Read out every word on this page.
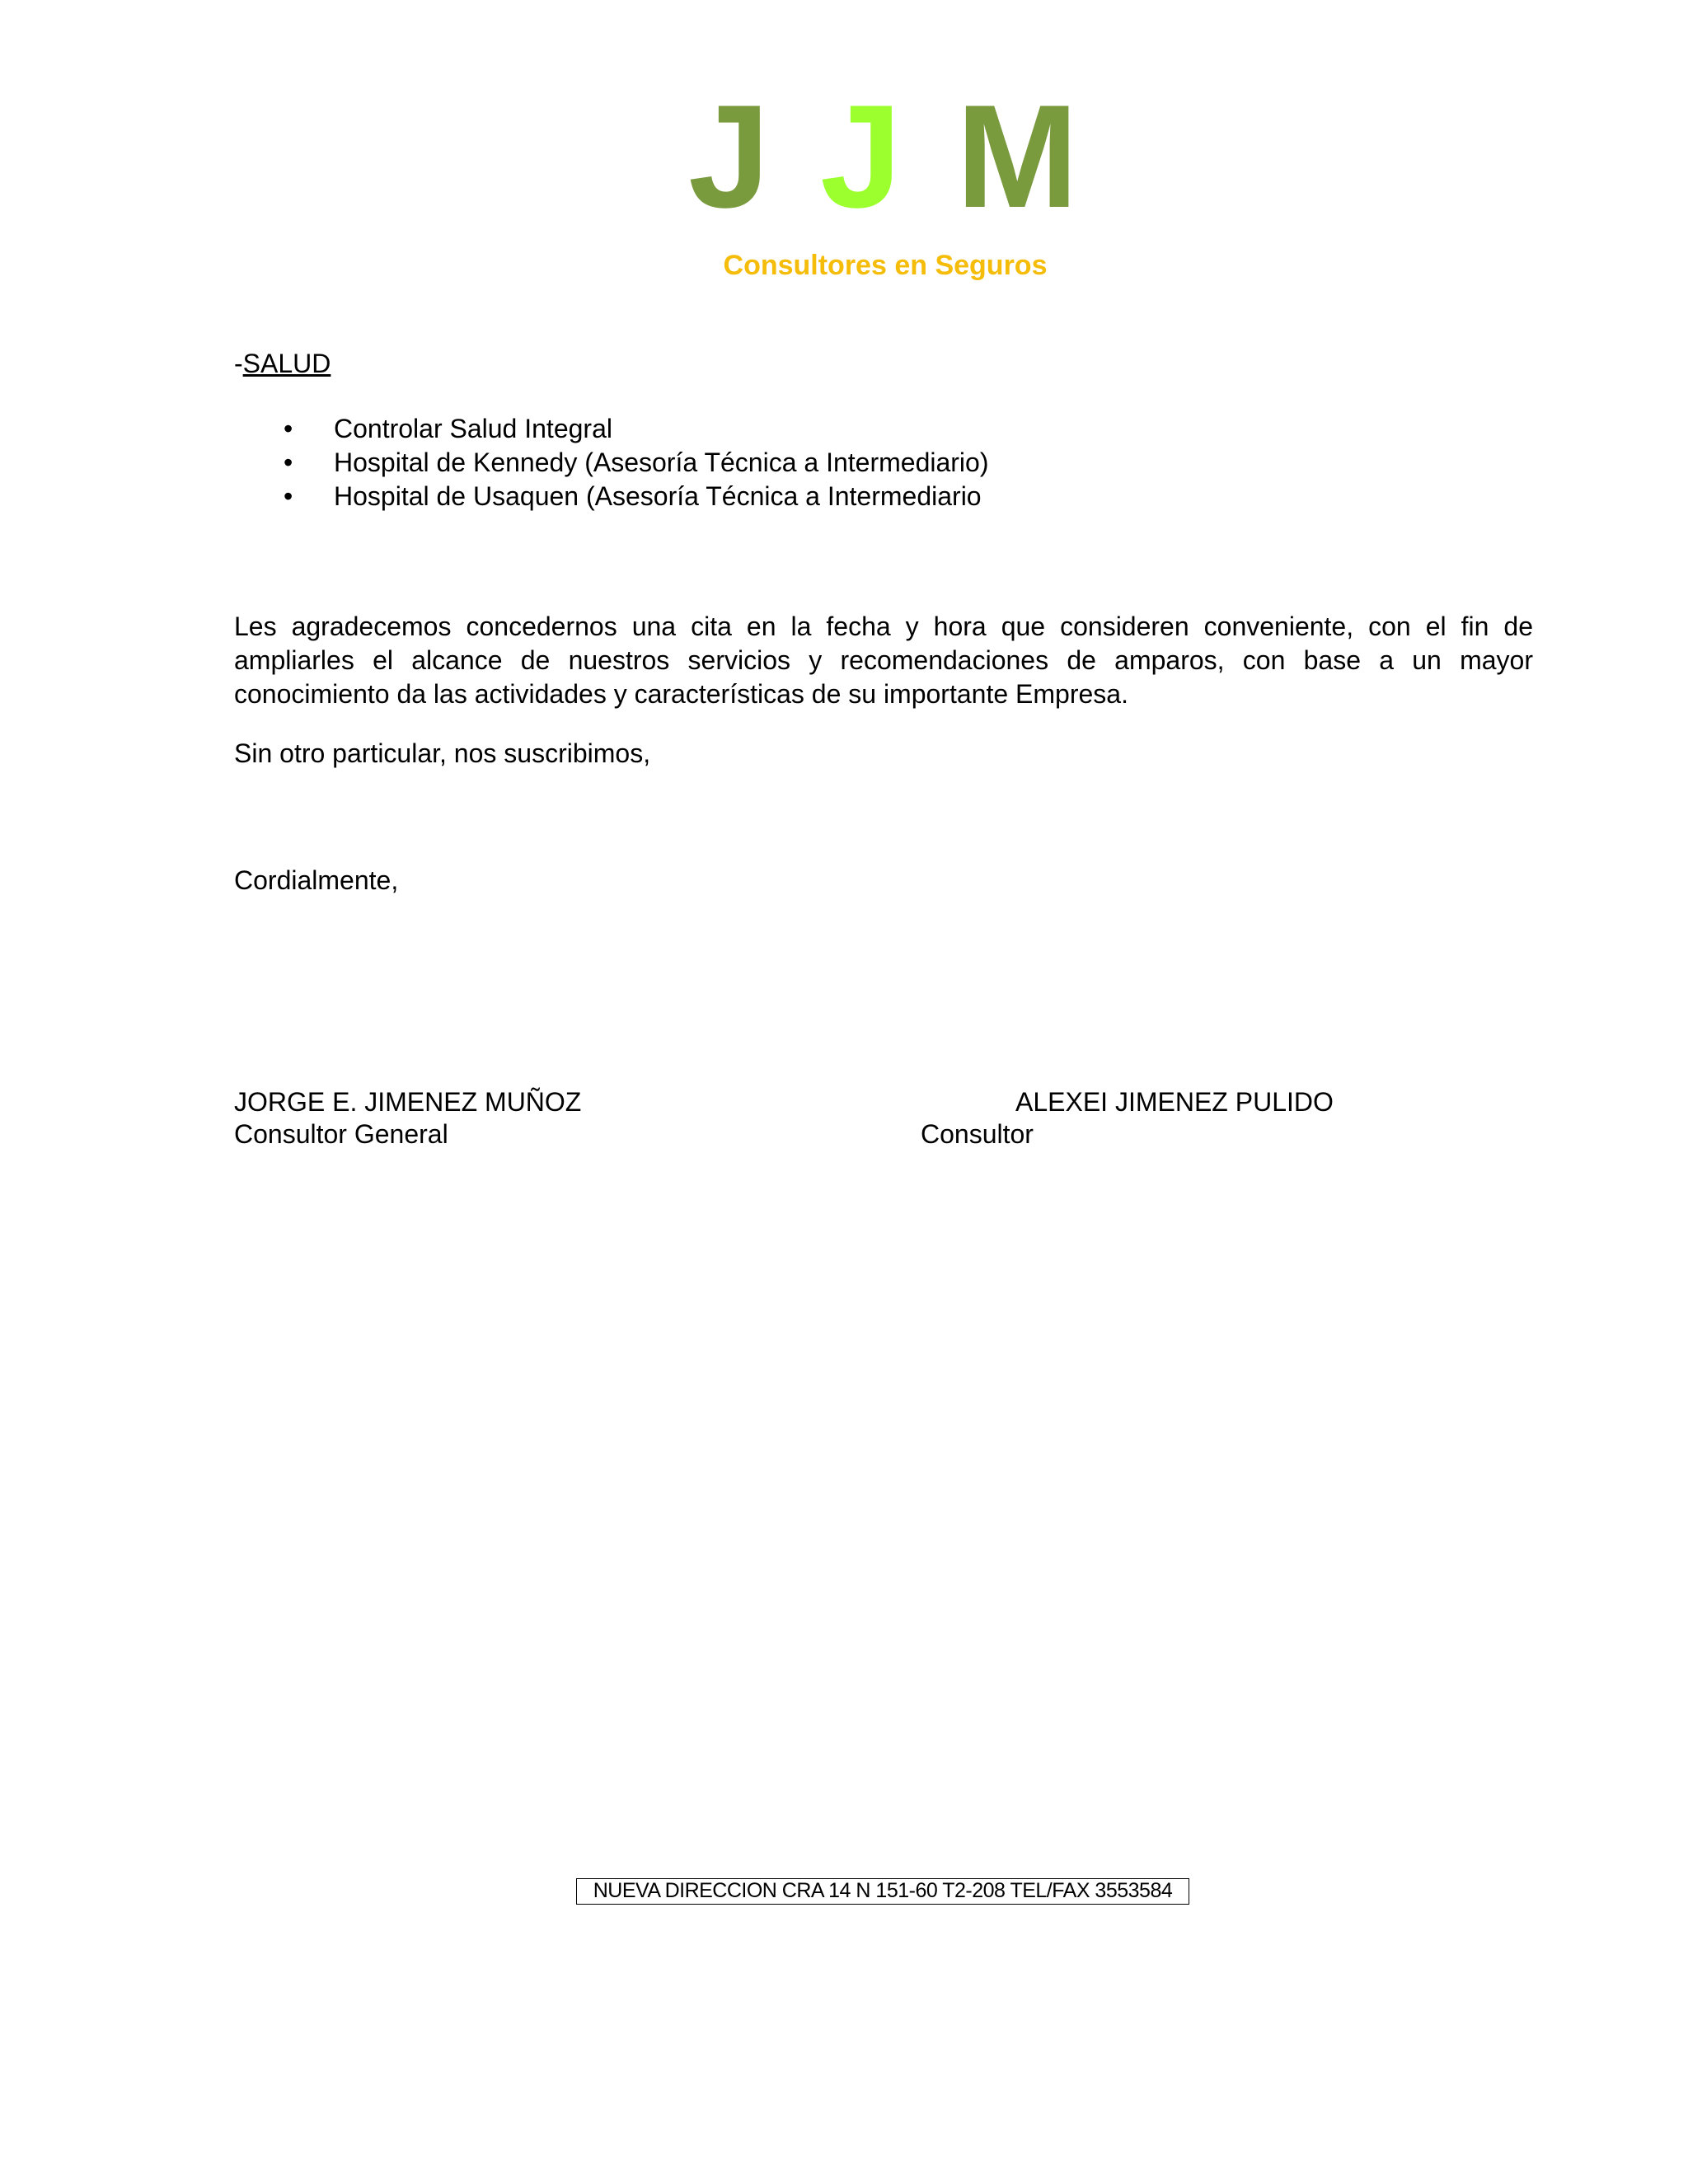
J J M
Consultores en Seguros
-SALUD
• Controlar Salud Integral
• Hospital de Kennedy (Asesoría Técnica a Intermediario)
• Hospital de Usaquen (Asesoría Técnica a Intermediario
Les agradecemos concedernos una cita en la fecha y hora que consideren conveniente, con el fin de ampliarles el alcance de nuestros servicios y recomendaciones de amparos, con base a un mayor conocimiento da las actividades y características de su importante Empresa.
Sin otro particular, nos suscribimos,
Cordialmente,
JORGE E. JIMENEZ MUÑOZ
Consultor General
ALEXEI JIMENEZ PULIDO
Consultor
NUEVA DIRECCION CRA 14 N 151-60 T2-208 TEL/FAX 3553584
